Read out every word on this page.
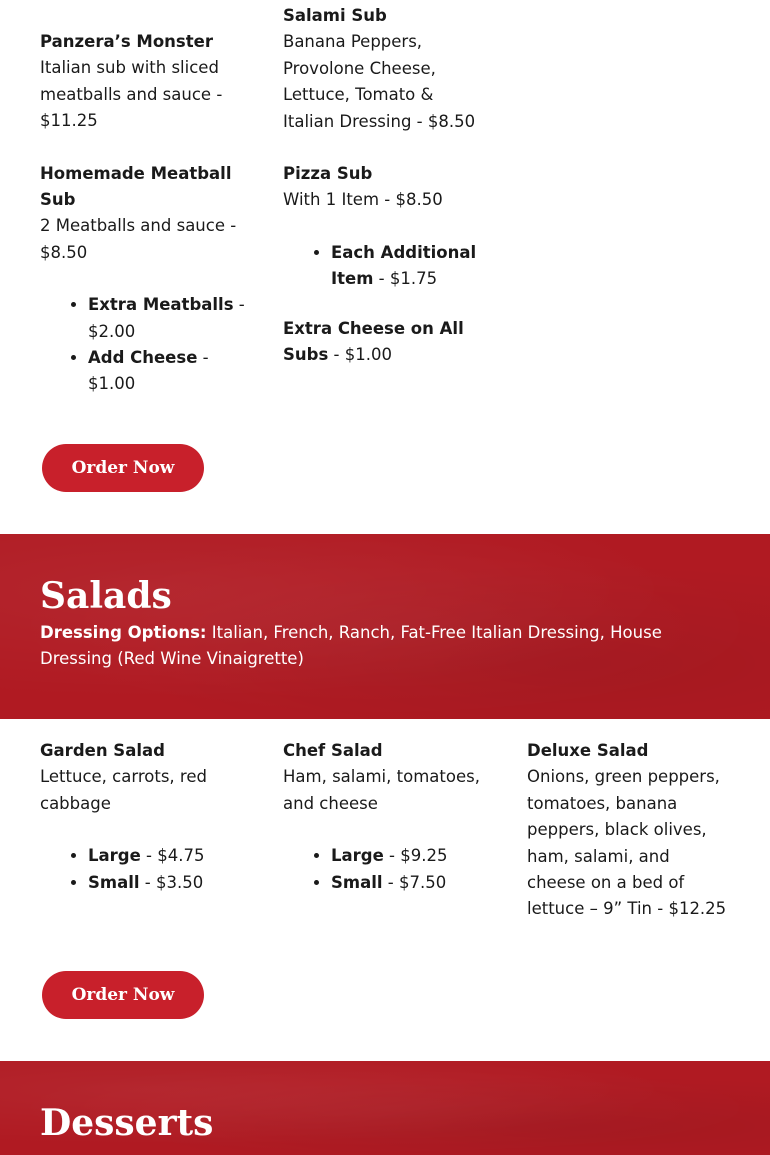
Panzera’s Monster

Italian sub with sliced meatballs and sauce - $11.25

Homemade Meatball Sub

2 Meatballs and sauce - $8.50

• Extra Meatballs - $2.00
• Add Cheese - $1.00

Salami Sub

Banana Peppers, Provolone Cheese, Lettuce, Tomato & Italian Dressing - $8.50

Pizza Sub

With 1 Item - $8.50

• Each Additional Item - $1.75

Extra Cheese on All Subs - $1.00

Order Now
Salads

Dressing Options: Italian, French, Ranch, Fat-Free Italian Dressing, House Dressing (Red Wine Vinaigrette)

Garden Salad

Lettuce, carrots, red cabbage

• Large - $4.75
• Small - $3.50

Chef Salad

Ham, salami, tomatoes, and cheese

• Large - $9.25
• Small - $7.50

Deluxe Salad

Onions, green peppers, tomatoes, banana peppers, black olives, ham, salami, and cheese on a bed of lettuce – 9” Tin - $12.25

Order Now
Desserts
